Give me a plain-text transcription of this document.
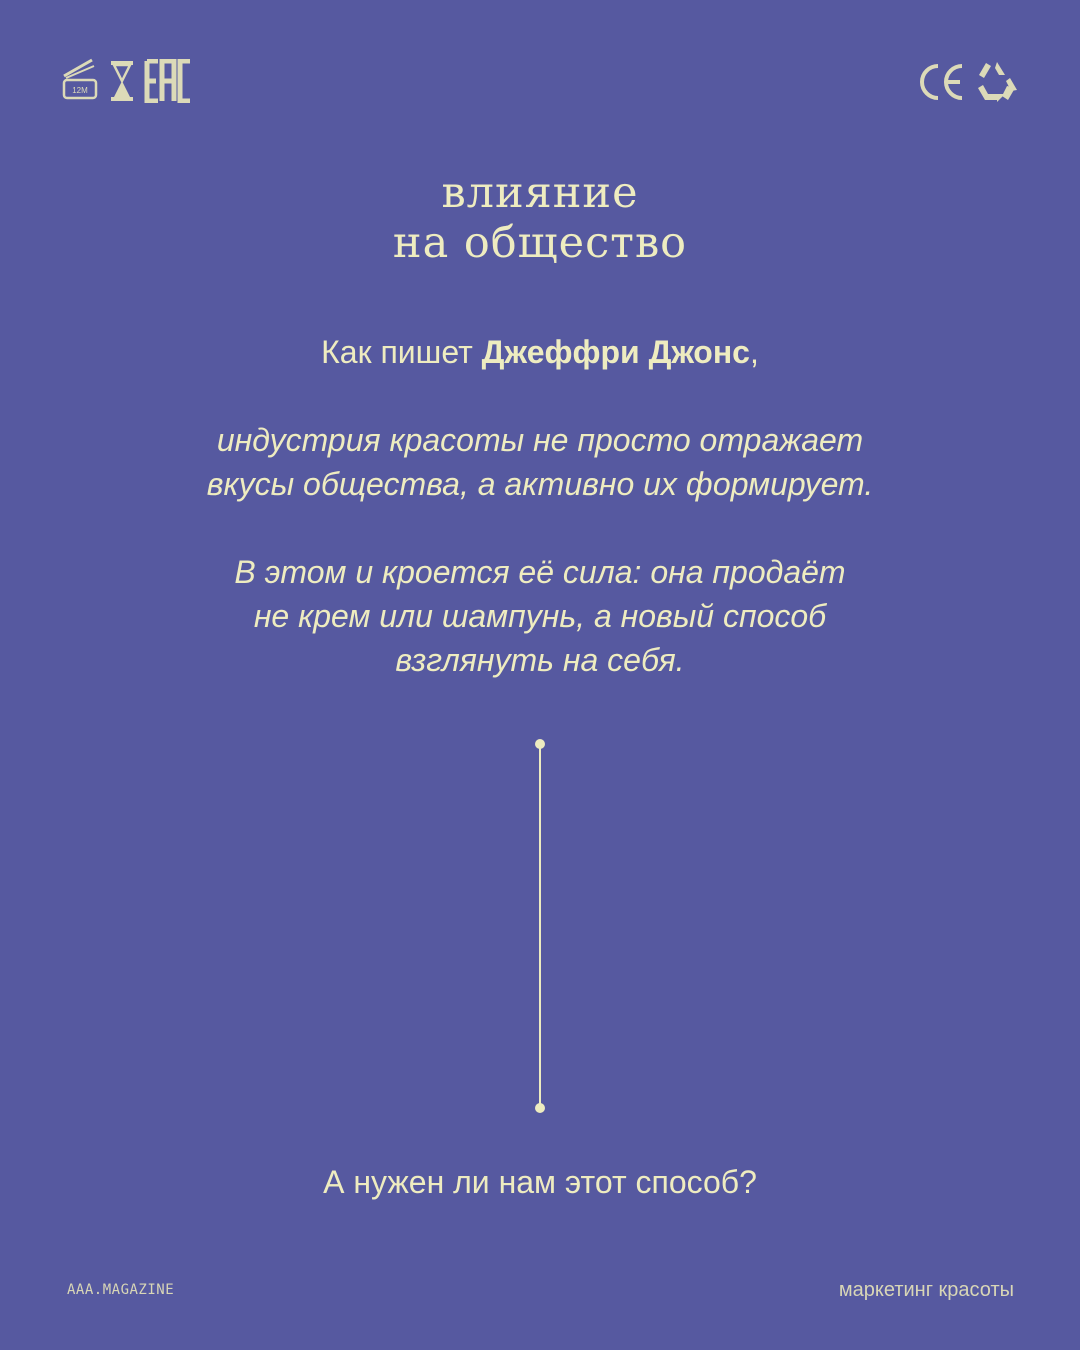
12M
влияние
на общество
Как пишет Джеффри Джонс,
индустрия красоты не просто отражает
вкусы общества, а активно их формирует.
В этом и кроется её сила: она продаёт
не крем или шампунь, а новый способ
взглянуть на себя.
А нужен ли нам этот способ?
AAA.MAGAZINE	маркетинг красоты
